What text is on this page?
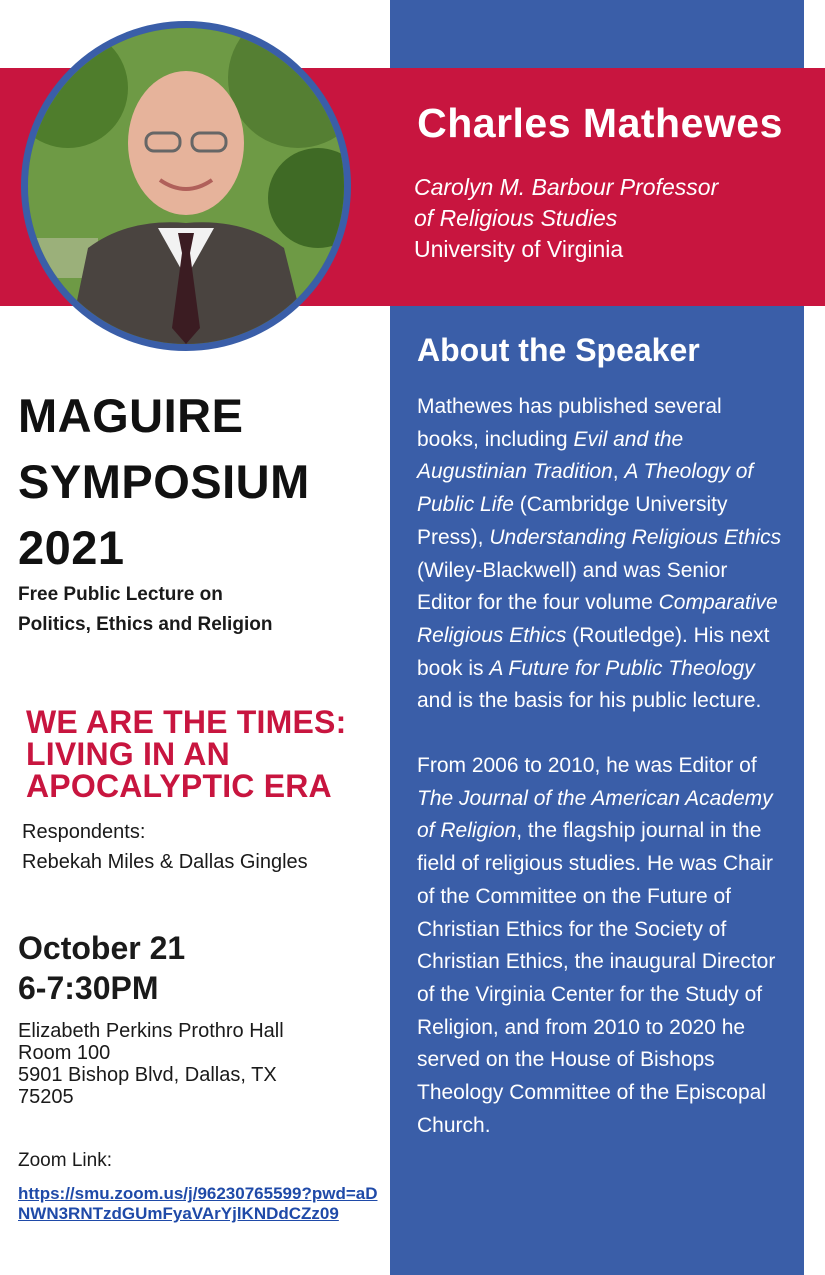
Charles Mathewes
Carolyn M. Barbour Professor
of Religious Studies
University of Virginia
About the Speaker

Mathewes has published several books, including Evil and the Augustinian Tradition, A Theology of Public Life (Cambridge University Press), Understanding Religious Ethics (Wiley-Blackwell) and was Senior Editor for the four volume Comparative Religious Ethics (Routledge). His next book is A Future for Public Theology and is the basis for his public lecture.

From 2006 to 2010, he was Editor of The Journal of the American Academy of Religion, the flagship journal in the field of religious studies. He was Chair of the Committee on the Future of Christian Ethics for the Society of Christian Ethics, the inaugural Director of the Virginia Center for the Study of Religion, and from 2010 to 2020 he served on the House of Bishops Theology Committee of the Episcopal Church.

MAGUIRE
SYMPOSIUM
2021
Free Public Lecture on
Politics, Ethics and Religion
WE ARE THE TIMES:
LIVING IN AN
APOCALYPTIC ERA
Respondents:
Rebekah Miles & Dallas Gingles
October 21
6-7:30PM
Elizabeth Perkins Prothro Hall
Room 100
5901 Bishop Blvd, Dallas, TX
75205
Zoom Link:
https://smu.zoom.us/j/96230765599?pwd=aDNWN3RNTzdGUmFyaVArYjlKNDdCZz09
